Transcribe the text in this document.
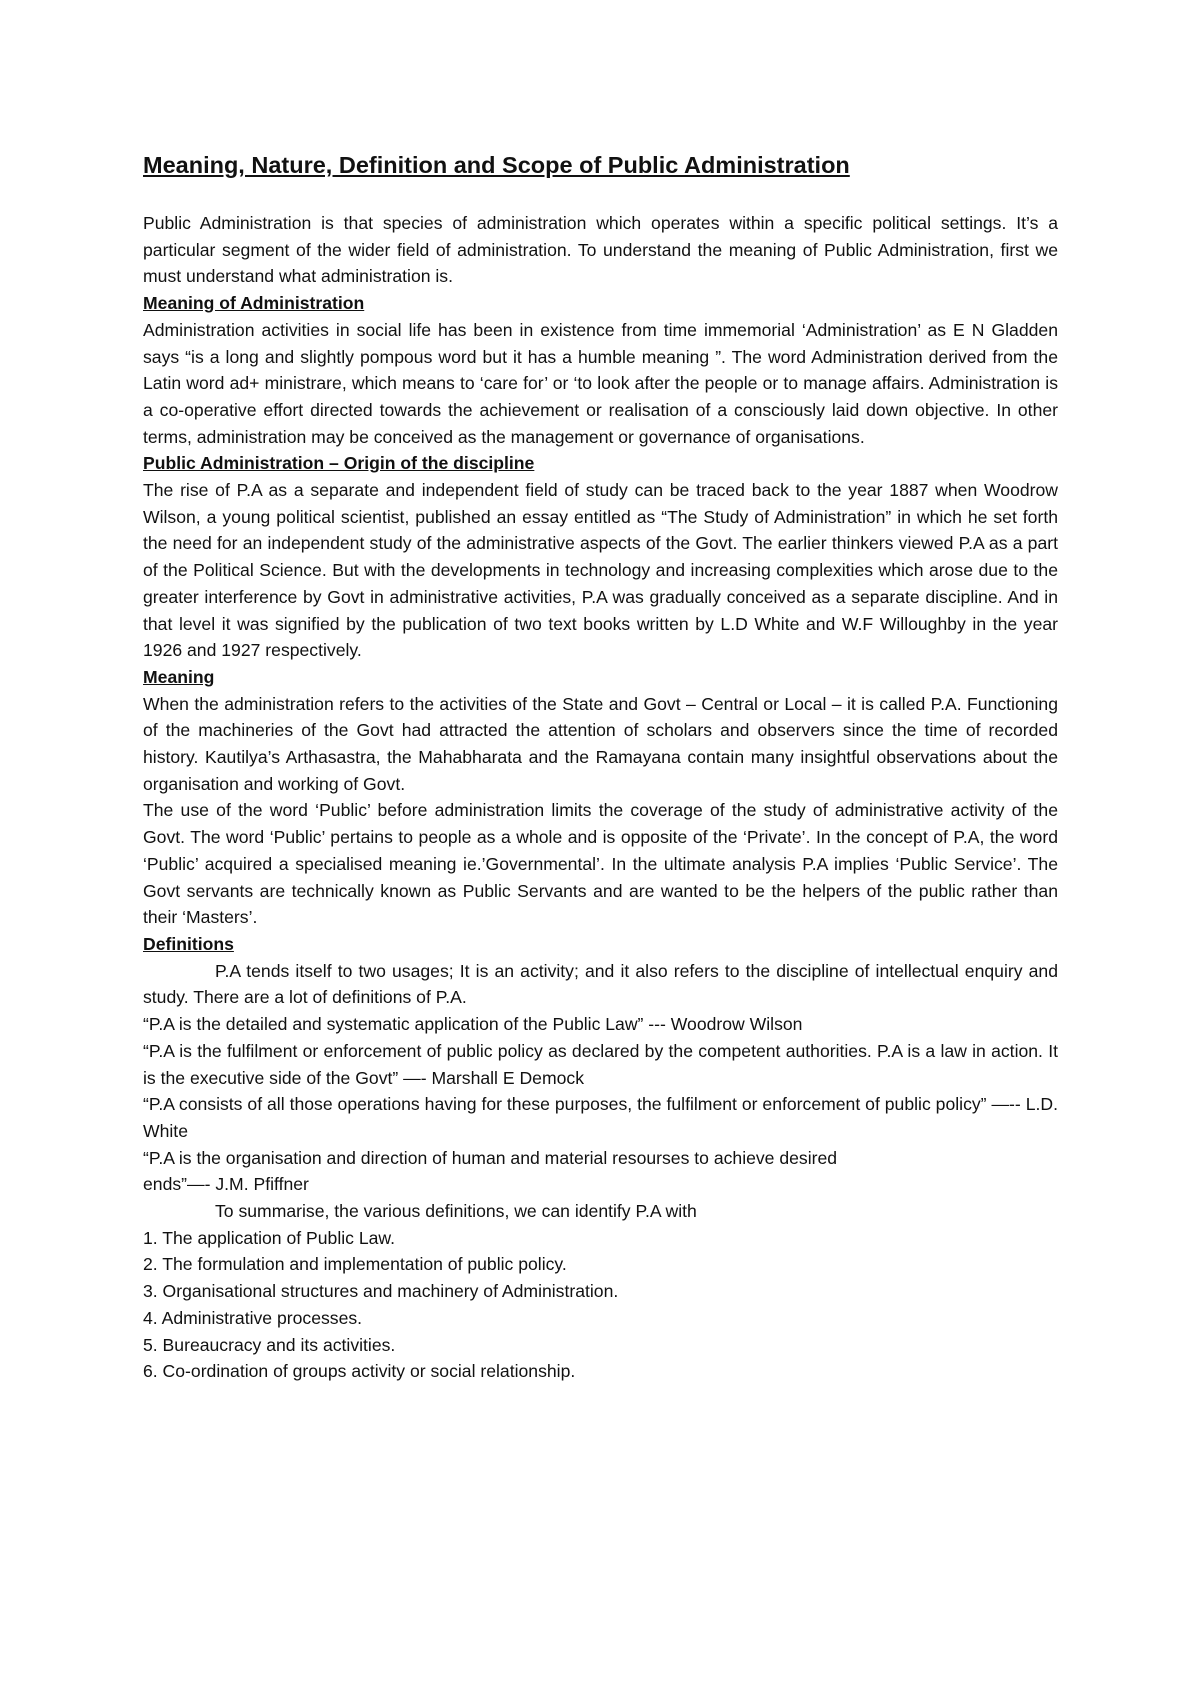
Meaning, Nature, Definition and Scope of Public Administration

Public Administration is that species of administration which operates within a specific political settings. It’s a particular segment of the wider field of administration. To understand the meaning of Public Administration, first we must understand what administration is.

Meaning of Administration

Administration activities in social life has been in existence from time immemorial ‘Administration’ as E N Gladden says “is a long and slightly pompous word but it has a humble meaning ”. The word Administration derived from the Latin word ad+ ministrare, which means to ‘care for’ or ‘to look after the people or to manage affairs. Administration is a co-operative effort directed towards the achievement or realisation of a consciously laid down objective. In other terms, administration may be conceived as the management or governance of organisations.

Public Administration – Origin of the discipline

The rise of P.A as a separate and independent field of study can be traced back to the year 1887 when Woodrow Wilson, a young political scientist, published an essay entitled as “The Study of Administration” in which he set forth the need for an independent study of the administrative aspects of the Govt. The earlier thinkers viewed P.A as a part of the Political Science. But with the developments in technology and increasing complexities which arose due to the greater interference by Govt in administrative activities, P.A was gradually conceived as a separate discipline. And in that level it was signified by the publication of two text books written by L.D White and W.F Willoughby in the year 1926 and 1927 respectively.

Meaning

When the administration refers to the activities of the State and Govt – Central or Local – it is called P.A. Functioning of the machineries of the Govt had attracted the attention of scholars and observers since the time of recorded history. Kautilya’s Arthasastra, the Mahabharata and the Ramayana contain many insightful observations about the organisation and working of Govt.

The use of the word ‘Public’ before administration limits the coverage of the study of administrative activity of the Govt. The word ‘Public’ pertains to people as a whole and is opposite of the ‘Private’. In the concept of P.A, the word ‘Public’ acquired a specialised meaning ie.’Governmental’. In the ultimate analysis P.A implies ‘Public Service’. The Govt servants are technically known as Public Servants and are wanted to be the helpers of the public rather than their ‘Masters’.

Definitions

P.A tends itself to two usages; It is an activity; and it also refers to the discipline of intellectual enquiry and study. There are a lot of definitions of P.A.

“P.A is the detailed and systematic application of the Public Law” --- Woodrow Wilson

“P.A is the fulfilment or enforcement of public policy as declared by the competent authorities. P.A is a law in action. It is the executive side of the Govt” —- Marshall E Demock

“P.A consists of all those operations having for these purposes, the fulfilment or enforcement of public policy” —-- L.D. White

“P.A is the organisation and direction of human and material resourses to achieve desired

ends”—- J.M. Pfiffner

To summarise, the various definitions, we can identify P.A with

1. The application of Public Law.
2. The formulation and implementation of public policy.
3. Organisational structures and machinery of Administration.
4. Administrative processes.
5. Bureaucracy and its activities.
6. Co-ordination of groups activity or social relationship.
